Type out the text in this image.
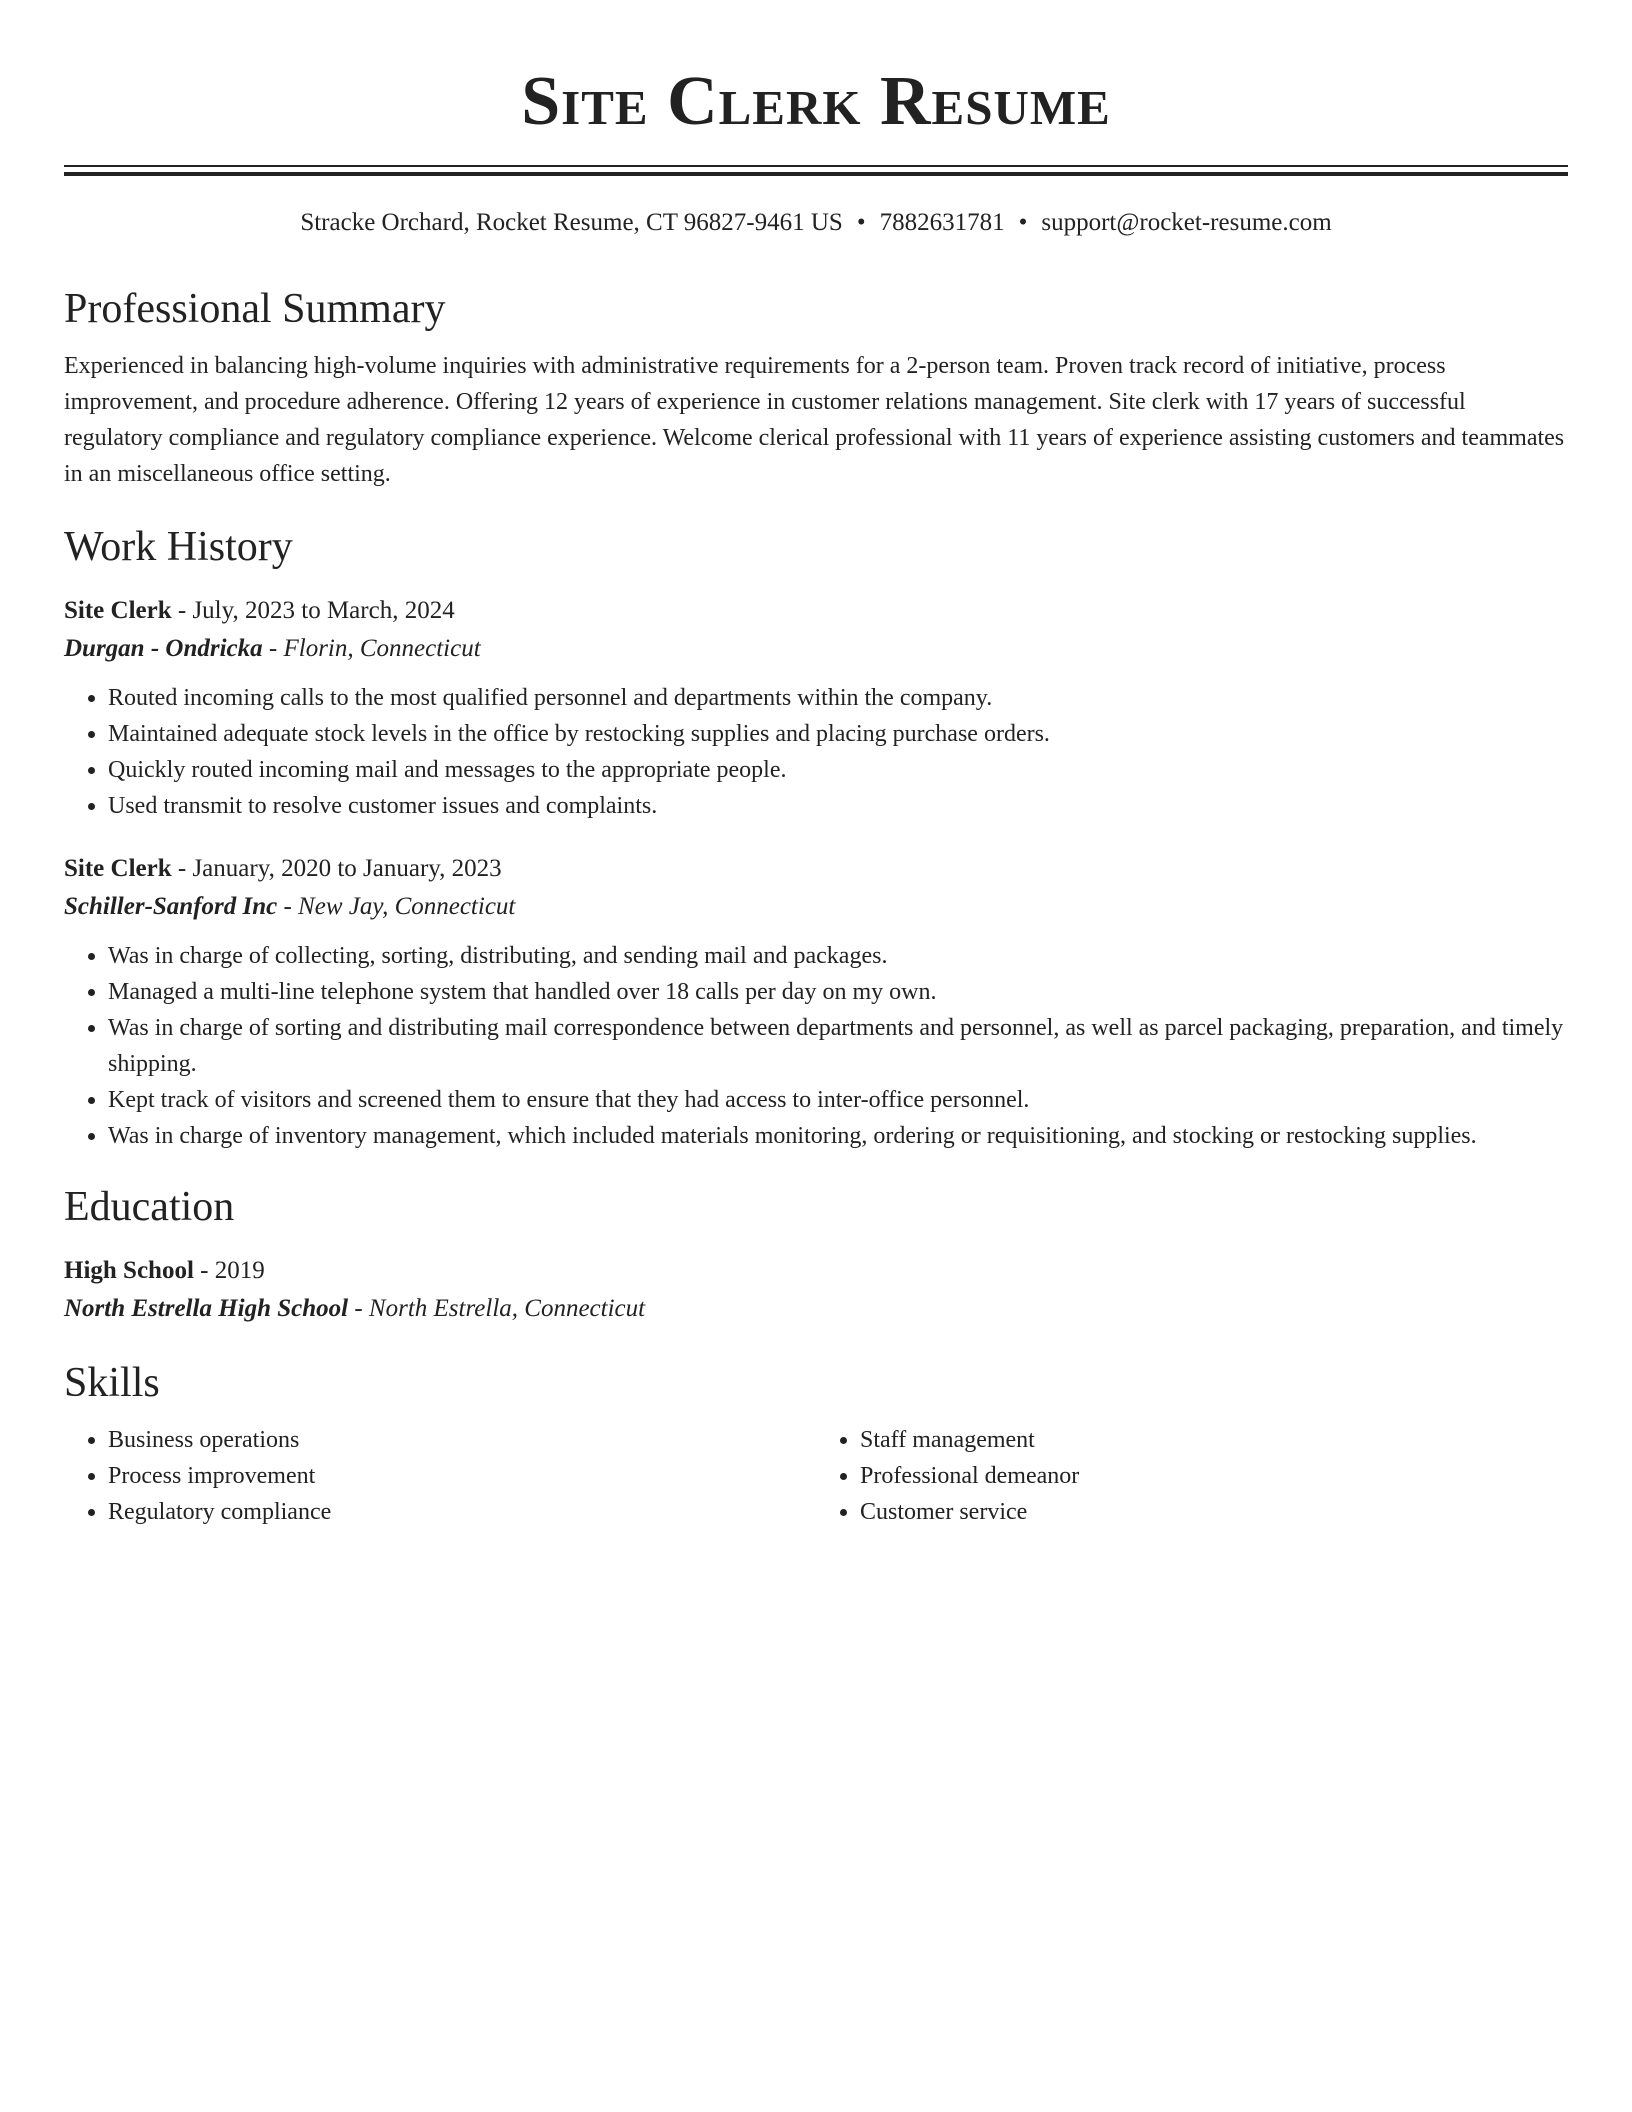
Site Clerk Resume
Stracke Orchard, Rocket Resume, CT 96827-9461 US • 7882631781 • support@rocket-resume.com
Professional Summary

Experienced in balancing high-volume inquiries with administrative requirements for a 2-person team. Proven track record of initiative, process improvement, and procedure adherence. Offering 12 years of experience in customer relations management. Site clerk with 17 years of successful regulatory compliance and regulatory compliance experience. Welcome clerical professional with 11 years of experience assisting customers and teammates in an miscellaneous office setting.

Work History
Site Clerk - July, 2023 to March, 2024
Durgan - Ondricka - Florin, Connecticut
• Routed incoming calls to the most qualified personnel and departments within the company.
• Maintained adequate stock levels in the office by restocking supplies and placing purchase orders.
• Quickly routed incoming mail and messages to the appropriate people.
• Used transmit to resolve customer issues and complaints.
Site Clerk - January, 2020 to January, 2023
Schiller-Sanford Inc - New Jay, Connecticut
• Was in charge of collecting, sorting, distributing, and sending mail and packages.
• Managed a multi-line telephone system that handled over 18 calls per day on my own.
• Was in charge of sorting and distributing mail correspondence between departments and personnel, as well as parcel packaging, preparation, and timely shipping.
• Kept track of visitors and screened them to ensure that they had access to inter-office personnel.
• Was in charge of inventory management, which included materials monitoring, ordering or requisitioning, and stocking or restocking supplies.
Education
High School - 2019
North Estrella High School - North Estrella, Connecticut
Skills
• Business operations
• Process improvement
• Regulatory compliance
• Staff management
• Professional demeanor
• Customer service
